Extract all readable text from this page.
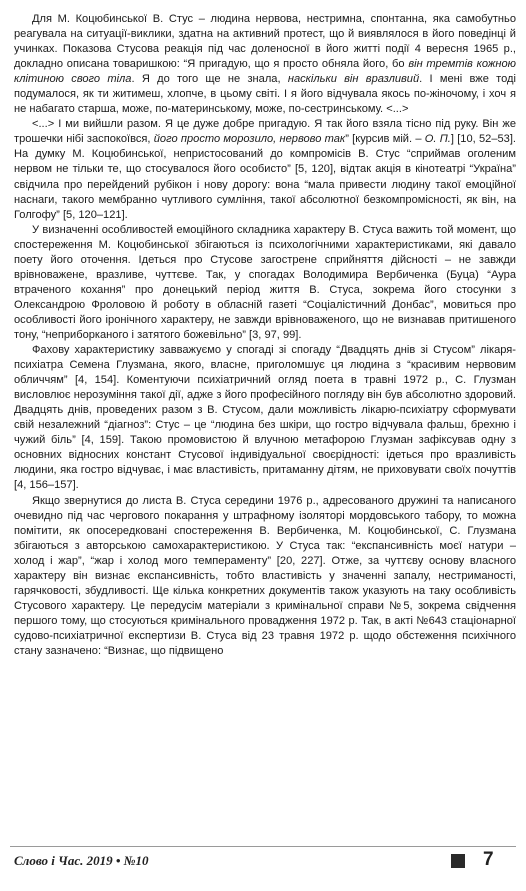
Для М. Коцюбинської В. Стус – людина нервова, нестримна, спонтанна, яка самобутньо реагувала на ситуації-виклики, здатна на активний протест, що й виявлялося в його поведінці й учинках. Показова Стусова реакція під час доленосної в його житті події 4 вересня 1965 р., докладно описана товаришкою: “Я пригадую, що я просто обняла його, бо він тремтів кожною клітиною свого тіла. Я до того ще не знала, наскільки він вразливий. І мені вже тоді подумалося, як ти житимеш, хлопче, в цьому світі. І я його відчувала якось по-жіночому, і хоч я не набагато старша, може, по-материнському, може, по-сестринському. <...>

<...> І ми вийшли разом. Я це дуже добре пригадую. Я так його взяла тісно під руку. Він же трошечки нібі заспокоївся, його просто морозило, нервово так” [курсив мій. – О. П.] [10, 52–53]. На думку М. Коцюбинської, непристосований до компромісів В. Стус “сприймав оголеним нервом не тільки те, що стосувалося його особисто” [5, 120], відтак акція в кінотеатрі “Україна” свідчила про перейдений рубікон і нову дорогу: вона “мала привести людину такої емоційної наснаги, такого мембранно чутливого сумління, такої абсолютної безкомпромісності, як він, на Голгофу” [5, 120–121].

У визначенні особливостей емоційного складника характеру В. Стуса важить той момент, що спостереження М. Коцюбинської збігаються із психологічними характеристиками, які давало поету його оточення. Ідеться про Стусове загострене сприйняття дійсності – не завжди врівноважене, вразливе, чуттєве. Так, у спогадах Володимира Вербиченка (Буца) “Аура втраченого кохання” про донецький період життя В. Стуса, зокрема його стосунки з Олександрою Фроловою й роботу в обласній газеті “Соціалістичний Донбас”, мовиться про особливості його іронічного характеру, не завжди врівноваженого, що не визнавав притишеного тону, “неприборканого і затятого божевільно” [3, 97, 99].

Фахову характеристику завважуємо у спогаді зі спогаду “Двадцять днів зі Стусом” лікаря-психіатра Семена Глузмана, якого, власне, приголомшує ця людина з “красивим нервовим обличчям” [4, 154]. Коментуючи психіатричний огляд поета в травні 1972 р., С. Глузман висловлює нерозуміння такої дії, адже з його професійного погляду він був абсолютно здоровий. Двадцять днів, проведених разом з В. Стусом, дали можливість лікарю-психіатру сформувати свій незалежний “діагноз”: Стус – це “людина без шкіри, що гостро відчувала фальш, брехню і чужий біль” [4, 159]. Такою промовистою й влучною метафорою Глузман зафіксував одну з основних віднoсних констант Стусової індивідуальної своєрідності: ідеться про вразливість людини, яка гостро відчуває, і має властивість, притаманну дітям, не приховувати своїх почуттів [4, 156–157].

Якщо звернутися до листа В. Стуса середини 1976 р., адресованого дружині та написаного очевидно під час чергового покарання у штрафному ізоляторі мордовського табору, то можна помітити, як опосередковані спостереження В. Вербиченка, М. Коцюбинської, С. Глузмана збігаються з авторською самохарактеристикою. У Стуса так: “експансивність моєї натури – холод і жар”, “жар і холод мого темпераменту” [20, 227]. Отже, за чуттєву основу власного характеру він визнає експансивність, тобто властивість у значенні запалу, нестриманості, гарячковості, збудливості. Ще кілька конкретних документів також указують на таку особливість Стусового характеру. Це передусім матеріали з кримінальної справи №5, зокрема свідчення першого тому, що стосуються кримінального провадження 1972 р. Так, в акті №643 стаціонарної судово-психіатричної експертизи В. Стуса від 23 травня 1972 р. щодо обстеження психічного стану зазначено: “Визнає, що підвищено

Слово і Час. 2019 • №10	7
